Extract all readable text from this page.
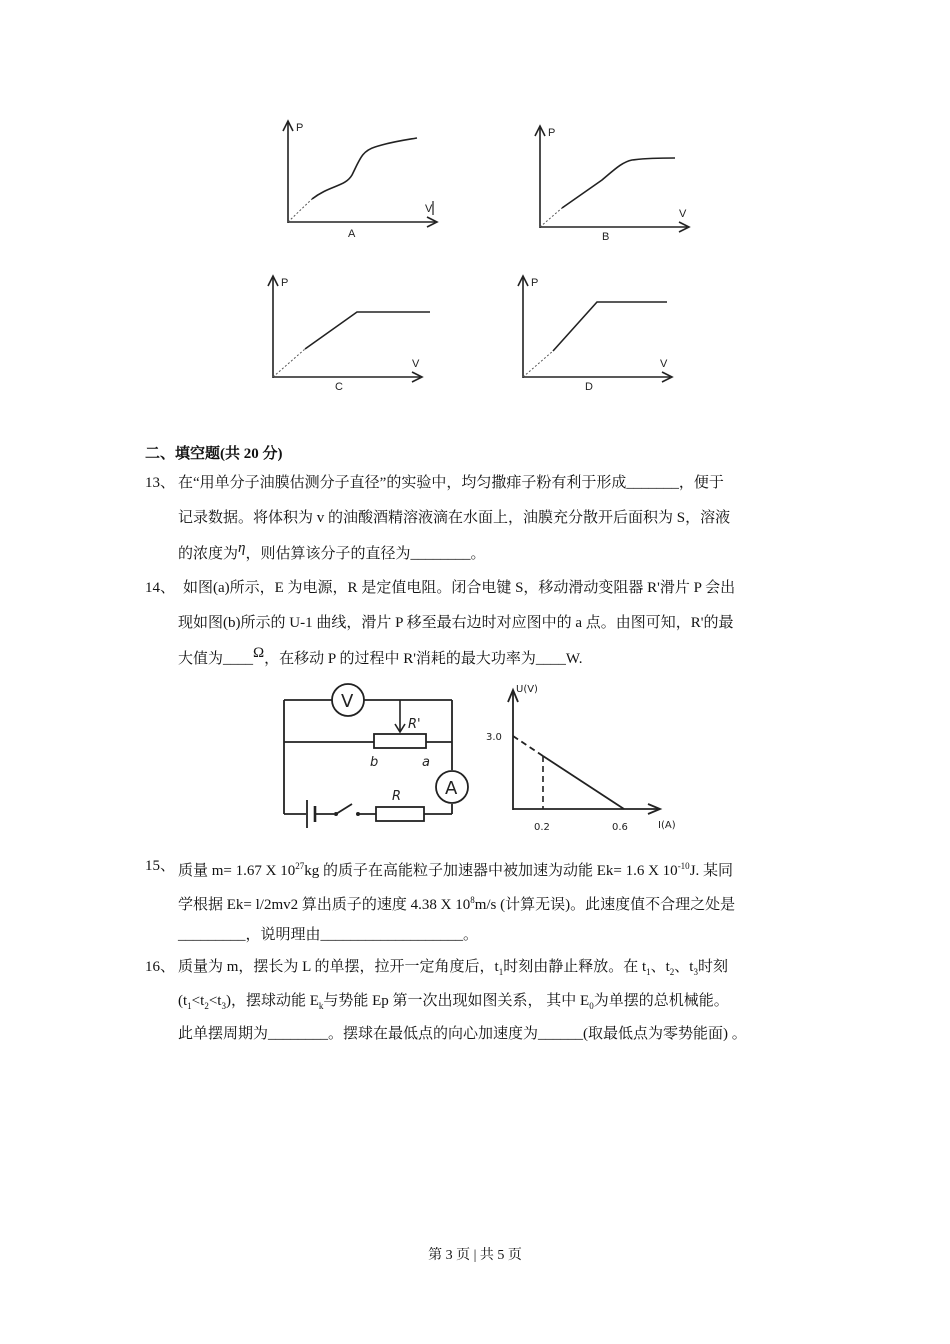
P
V
A
P
V
B
P
V
C
P
V
D
二、填空题(共 20 分)
13、 在“用单分子油膜估测分子直径”的实验中，均匀撒痱子粉有利于形成_______，便于
记录数据。将体积为 v 的油酸酒精溶液滴在水面上，油膜充分散开后面积为 S，溶液
的浓度为η，则估算该分子的直径为________。
14、 如图(a)所示，E 为电源，R 是定值电阻。闭合电键 S，移动滑动变阻器 R'滑片 P 会出
现如图(b)所示的 U-1 曲线，滑片 P 移至最右边时对应图中的 a 点。由图可知，R'的最
大值为____Ω，在移动 P 的过程中 R'消耗的最大功率为____W.
V
R'
b	a
A
R
U(V)
I(A)
3.0
0.2	0.6
15、 质量 m= 1.67 X $10^{27}kg$ 的质子在高能粒子加速器中被加速为动能 Ek= 1.6 X $10^{-10}J$. 某同
学根据 Ek= l/2mv2 算出质子的速度 4.38 X $10^8m/s$ (计算无误)。此速度值不合理之处是
_________，说明理由___________________。
16、 质量为 m，摆长为 L 的单摆，拉开一定角度后，$t_1$时刻由静止释放。在 $t_1$、$t_2$、$t_3$时刻
$(t_1<t_2<t_3)$，摆球动能 $E_k$与势能 Ep 第一次出现如图关系， 其中 $E_0$为单摆的总机械能。
此单摆周期为________。摆球在最低点的向心加速度为______(取最低点为零势能面) 。
第 3 页 | 共 5 页
